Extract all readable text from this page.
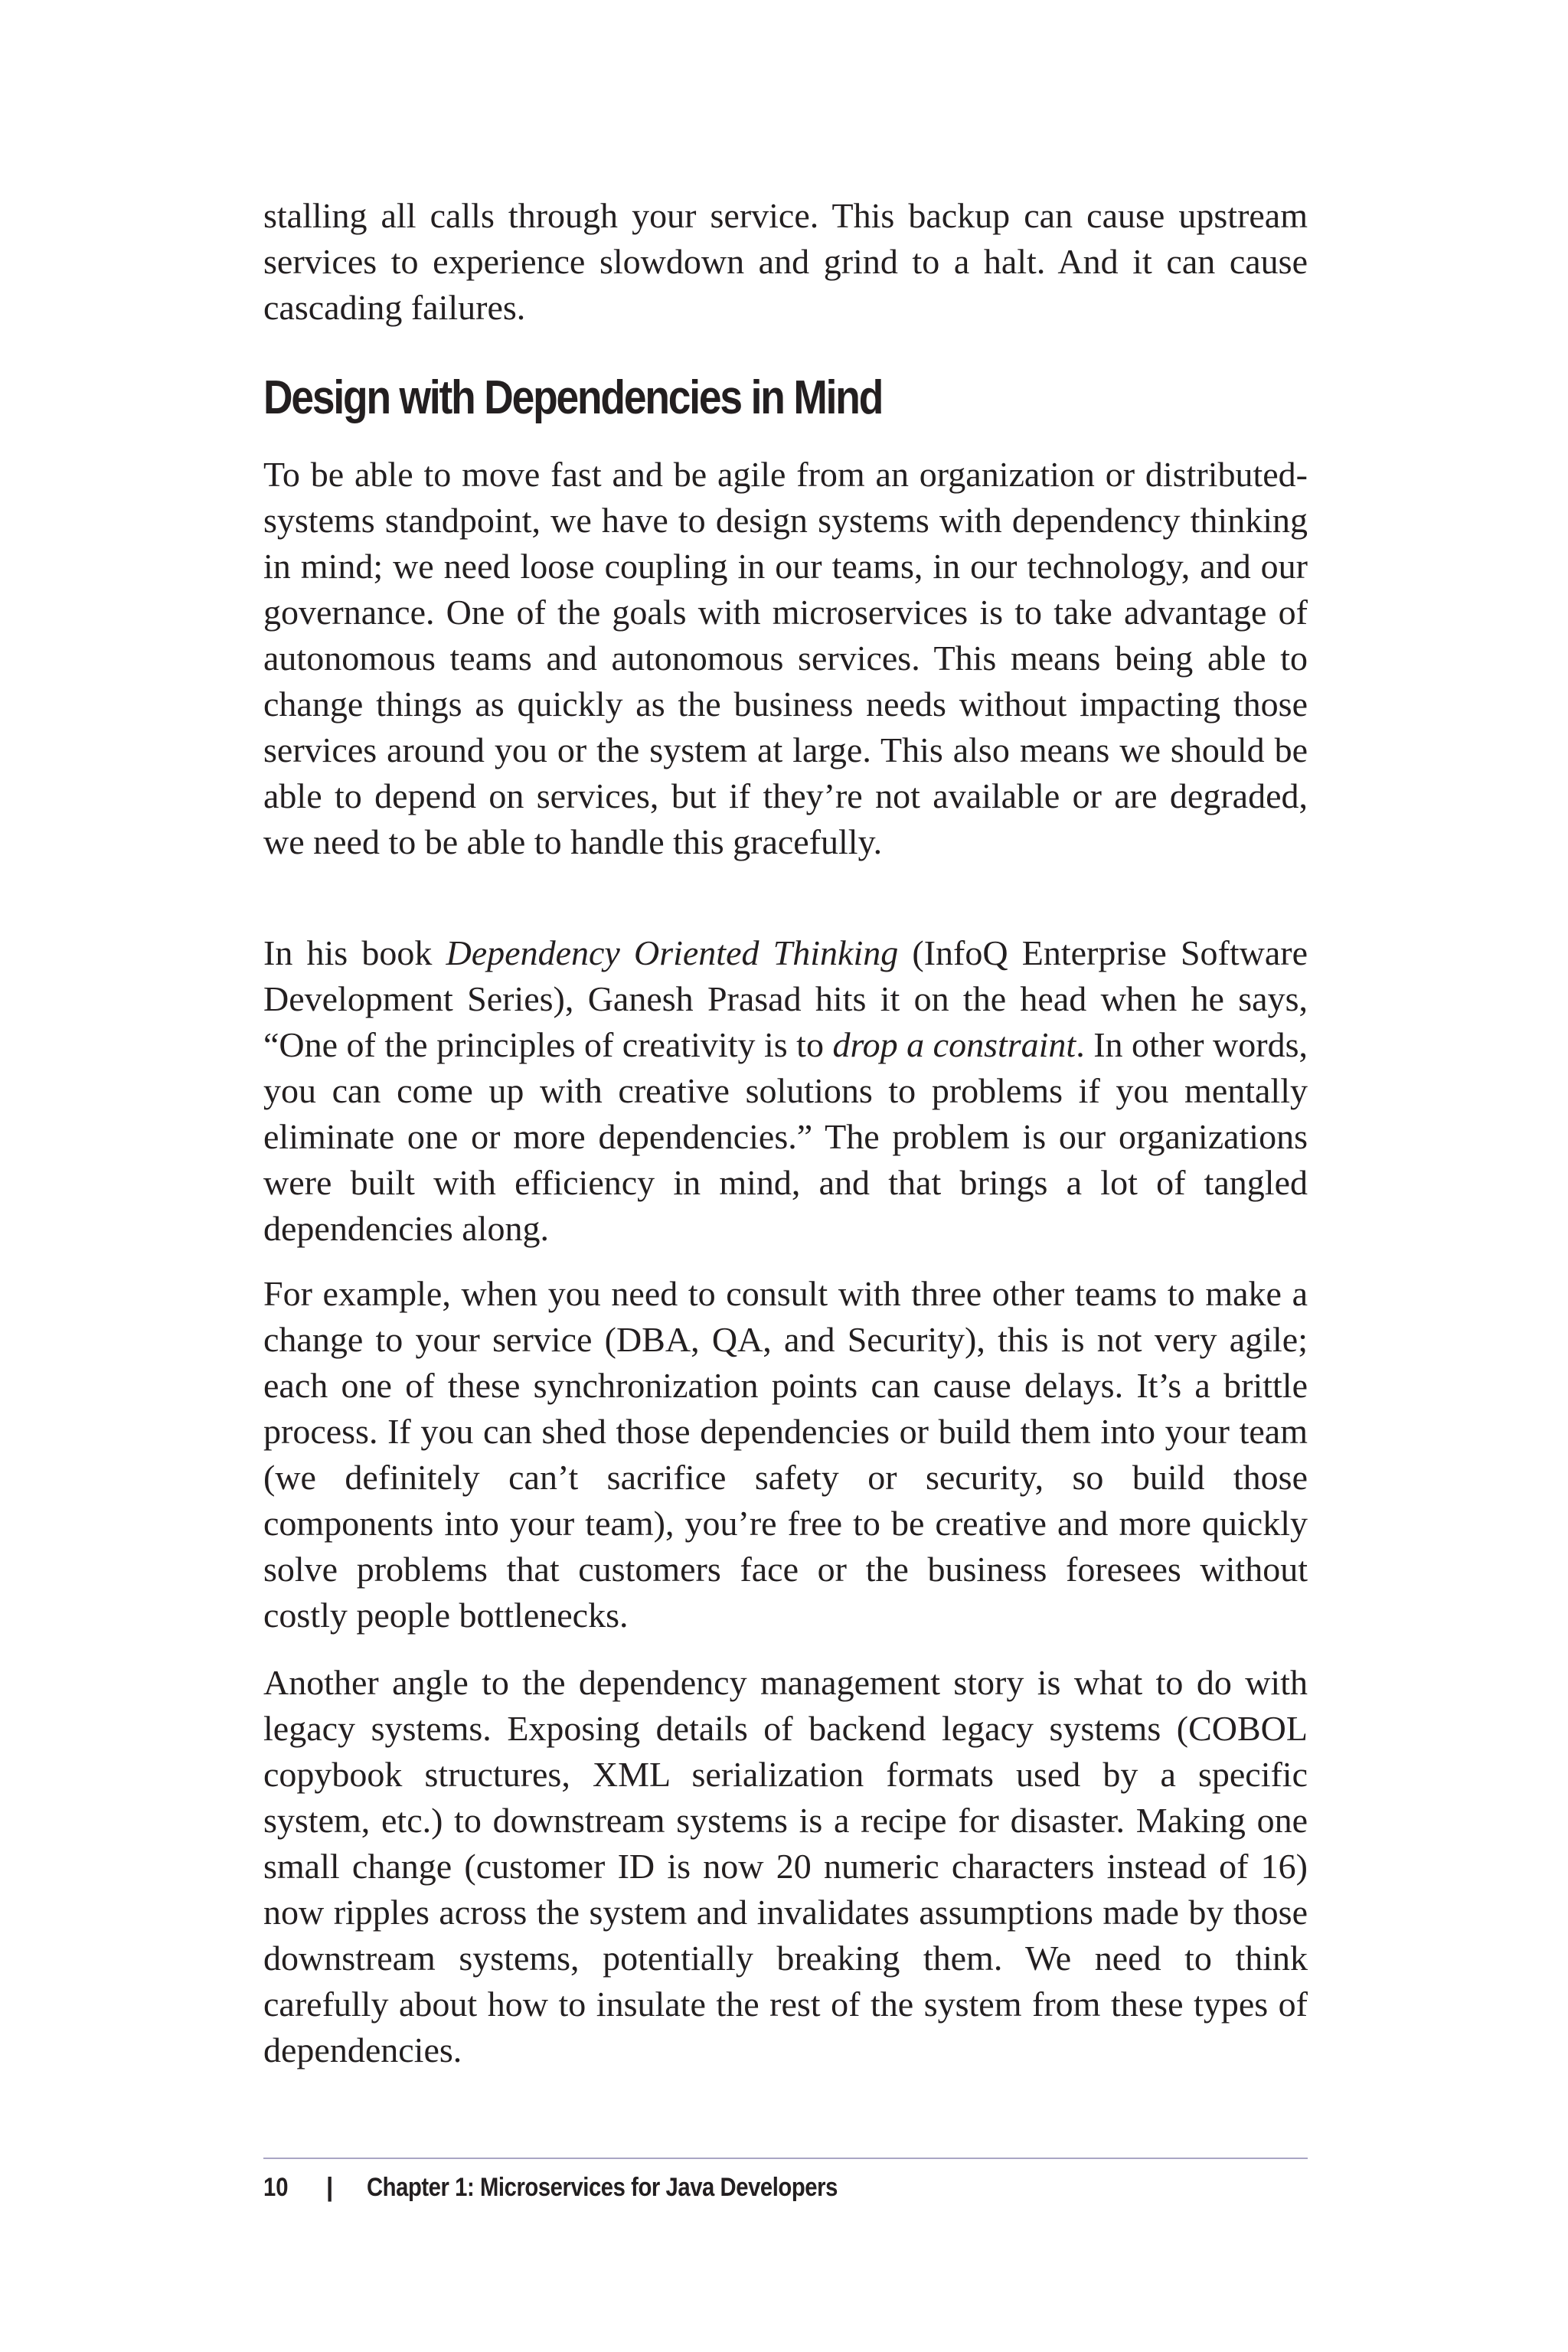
stalling all calls through your service. This backup can cause upstream services to experience slowdown and grind to a halt. And it can cause cascading failures.

Design with Dependencies in Mind

To be able to move fast and be agile from an organization or distributed-systems standpoint, we have to design systems with dependency thinking in mind; we need loose coupling in our teams, in our technology, and our governance. One of the goals with microservices is to take advantage of autonomous teams and autonomous services. This means being able to change things as quickly as the business needs without impacting those services around you or the system at large. This also means we should be able to depend on services, but if they’re not available or are degraded, we need to be able to handle this gracefully.

In his book Dependency Oriented Thinking (InfoQ Enterprise Software Development Series), Ganesh Prasad hits it on the head when he says, “One of the principles of creativity is to drop a constraint. In other words, you can come up with creative solutions to problems if you mentally eliminate one or more dependencies.” The problem is our organizations were built with efficiency in mind, and that brings a lot of tangled dependencies along.

For example, when you need to consult with three other teams to make a change to your service (DBA, QA, and Security), this is not very agile; each one of these synchronization points can cause delays. It’s a brittle process. If you can shed those dependencies or build them into your team (we definitely can’t sacrifice safety or security, so build those components into your team), you’re free to be creative and more quickly solve problems that customers face or the business foresees without costly people bottlenecks.

Another angle to the dependency management story is what to do with legacy systems. Exposing details of backend legacy systems (COBOL copybook structures, XML serialization formats used by a specific system, etc.) to downstream systems is a recipe for disaster. Making one small change (customer ID is now 20 numeric characters instead of 16) now ripples across the system and invalidates assumptions made by those downstream systems, potentially breaking them. We need to think carefully about how to insulate the rest of the system from these types of dependencies.

10 | Chapter 1: Microservices for Java Developers
